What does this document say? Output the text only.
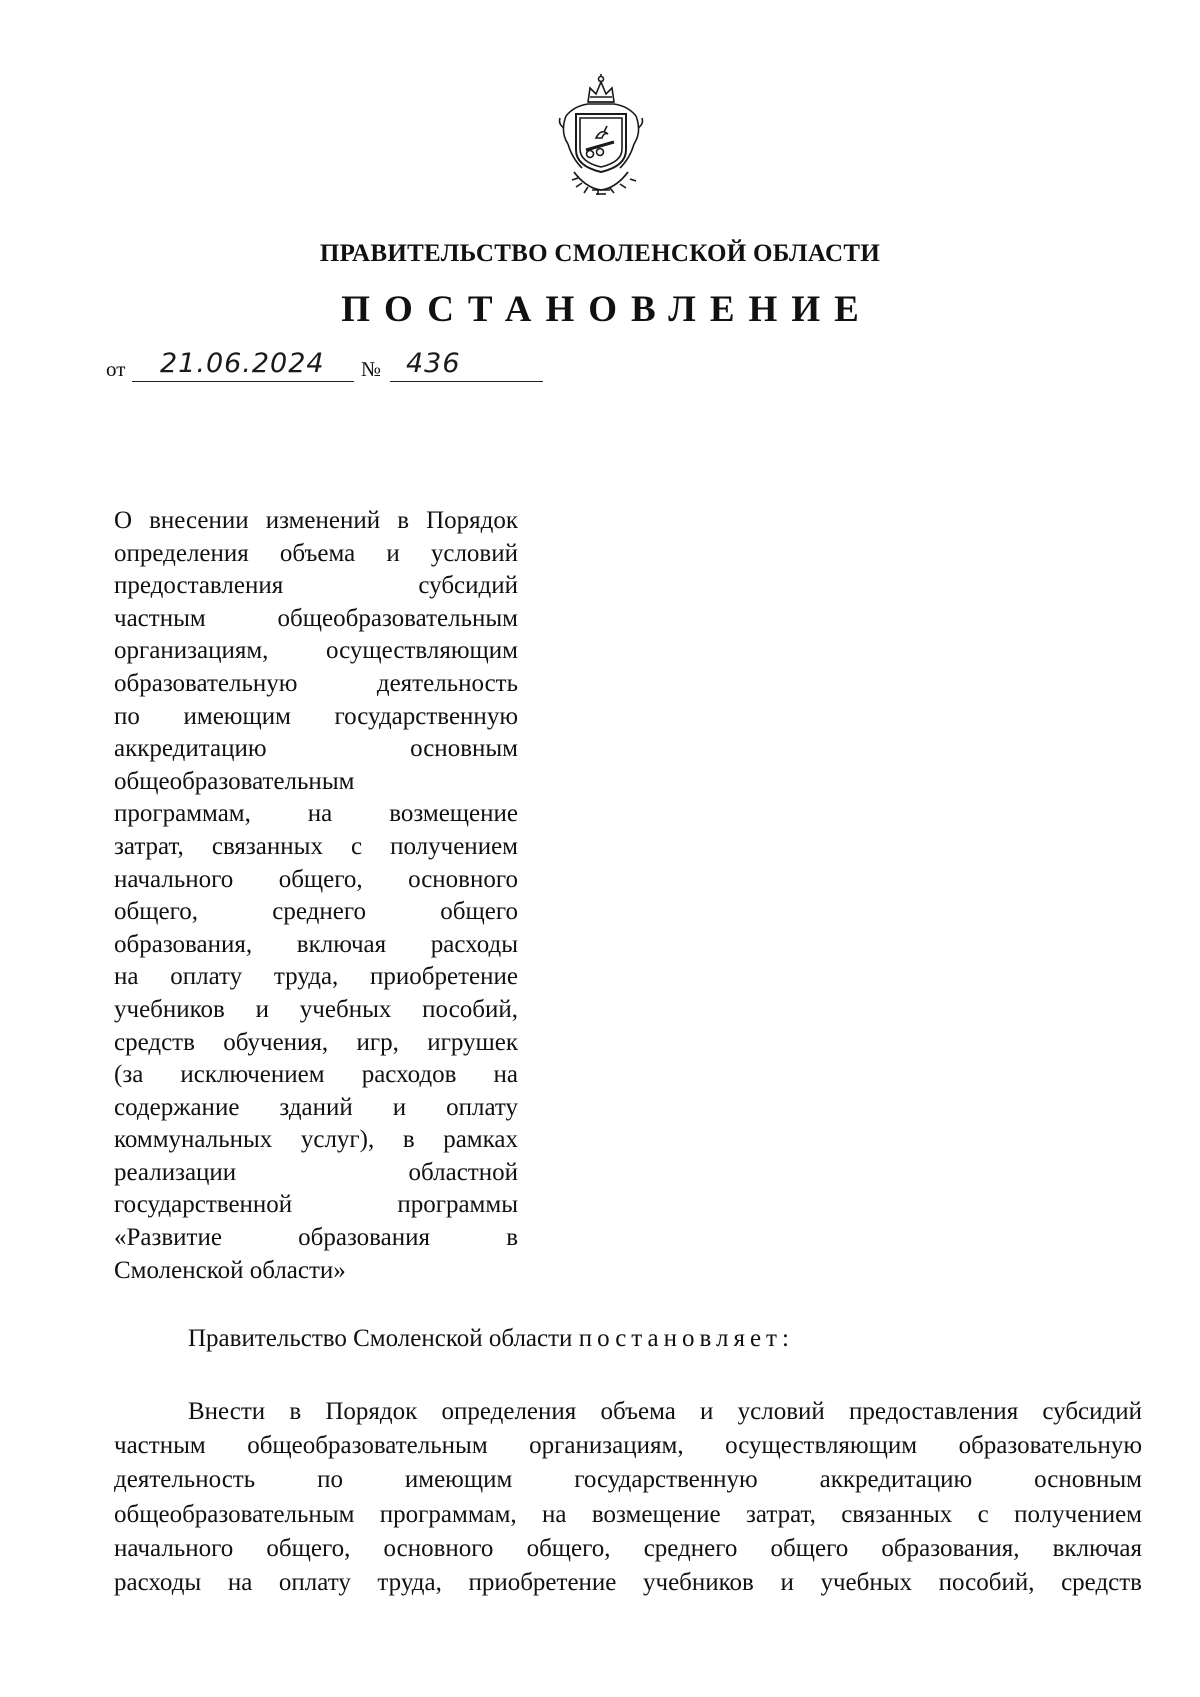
ПРАВИТЕЛЬСТВО СМОЛЕНСКОЙ ОБЛАСТИ
ПОСТАНОВЛЕНИЕ
от 21.06.2024 № 436
О внесении изменений в Порядок
определения объема и условий
предоставления субсидий
частным общеобразовательным
организациям, осуществляющим
образовательную деятельность
по имеющим государственную
аккредитацию основным
общеобразовательным
программам, на возмещение
затрат, связанных с получением
начального общего, основного
общего, среднего общего
образования, включая расходы
на оплату труда, приобретение
учебников и учебных пособий,
средств обучения, игр, игрушек
(за исключением расходов на
содержание зданий и оплату
коммунальных услуг), в рамках
реализации областной
государственной программы
«Развитие образования в
Смоленской области»
Правительство Смоленской области постановляет:
Внести в Порядок определения объема и условий предоставления субсидий
частным общеобразовательным организациям, осуществляющим образовательную
деятельность по имеющим государственную аккредитацию основным
общеобразовательным программам, на возмещение затрат, связанных с получением
начального общего, основного общего, среднего общего образования, включая
расходы на оплату труда, приобретение учебников и учебных пособий, средств
